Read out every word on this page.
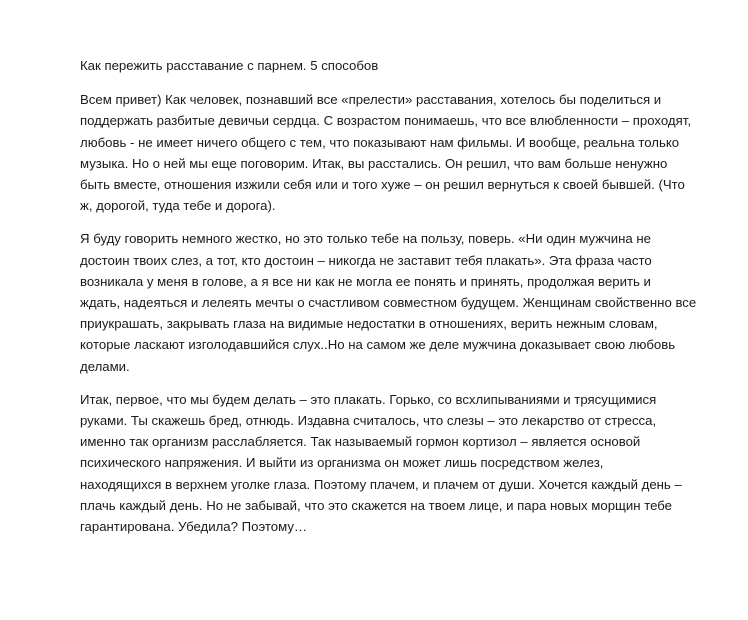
Как пережить расставание с парнем. 5 способов
Всем привет) Как человек, познавший все «прелести» расставания, хотелось бы поделиться и
поддержать разбитые девичьи сердца. С возрастом понимаешь, что все влюбленности – проходят,
любовь - не имеет ничего общего с тем, что показывают нам фильмы. И вообще, реальна только
музыка. Но о ней мы еще поговорим. Итак, вы расстались. Он решил, что вам больше ненужно
быть вместе, отношения изжили себя или и того хуже – он решил вернуться к своей бывшей. (Что
ж, дорогой, туда тебе и дорога).
Я буду говорить немного жестко, но это только тебе на пользу, поверь. «Ни один мужчина не
достоин твоих слез, а тот, кто достоин – никогда не заставит тебя плакать». Эта фраза часто
возникала у меня в голове, а я все ни как не могла ее понять и принять, продолжая верить и
ждать, надеяться и лелеять мечты о счастливом совместном будущем. Женщинам свойственно все
приукрашать, закрывать глаза на видимые недостатки в отношениях, верить нежным словам,
которые ласкают изголодавшийся слух..Но на самом же деле мужчина доказывает свою любовь
делами.
Итак, первое, что мы будем делать – это плакать. Горько, со всхлипываниями и трясущимися
руками. Ты скажешь бред, отнюдь. Издавна считалось, что слезы – это лекарство от стресса,
именно так организм расслабляется. Так называемый гормон кортизол – является основой
психического напряжения. И выйти из организма он может лишь посредством желез,
находящихся в верхнем уголке глаза. Поэтому плачем, и плачем от души. Хочется каждый день –
плачь каждый день. Но не забывай, что это скажется на твоем лице, и пара новых морщин тебе
гарантирована. Убедила? Поэтому…
